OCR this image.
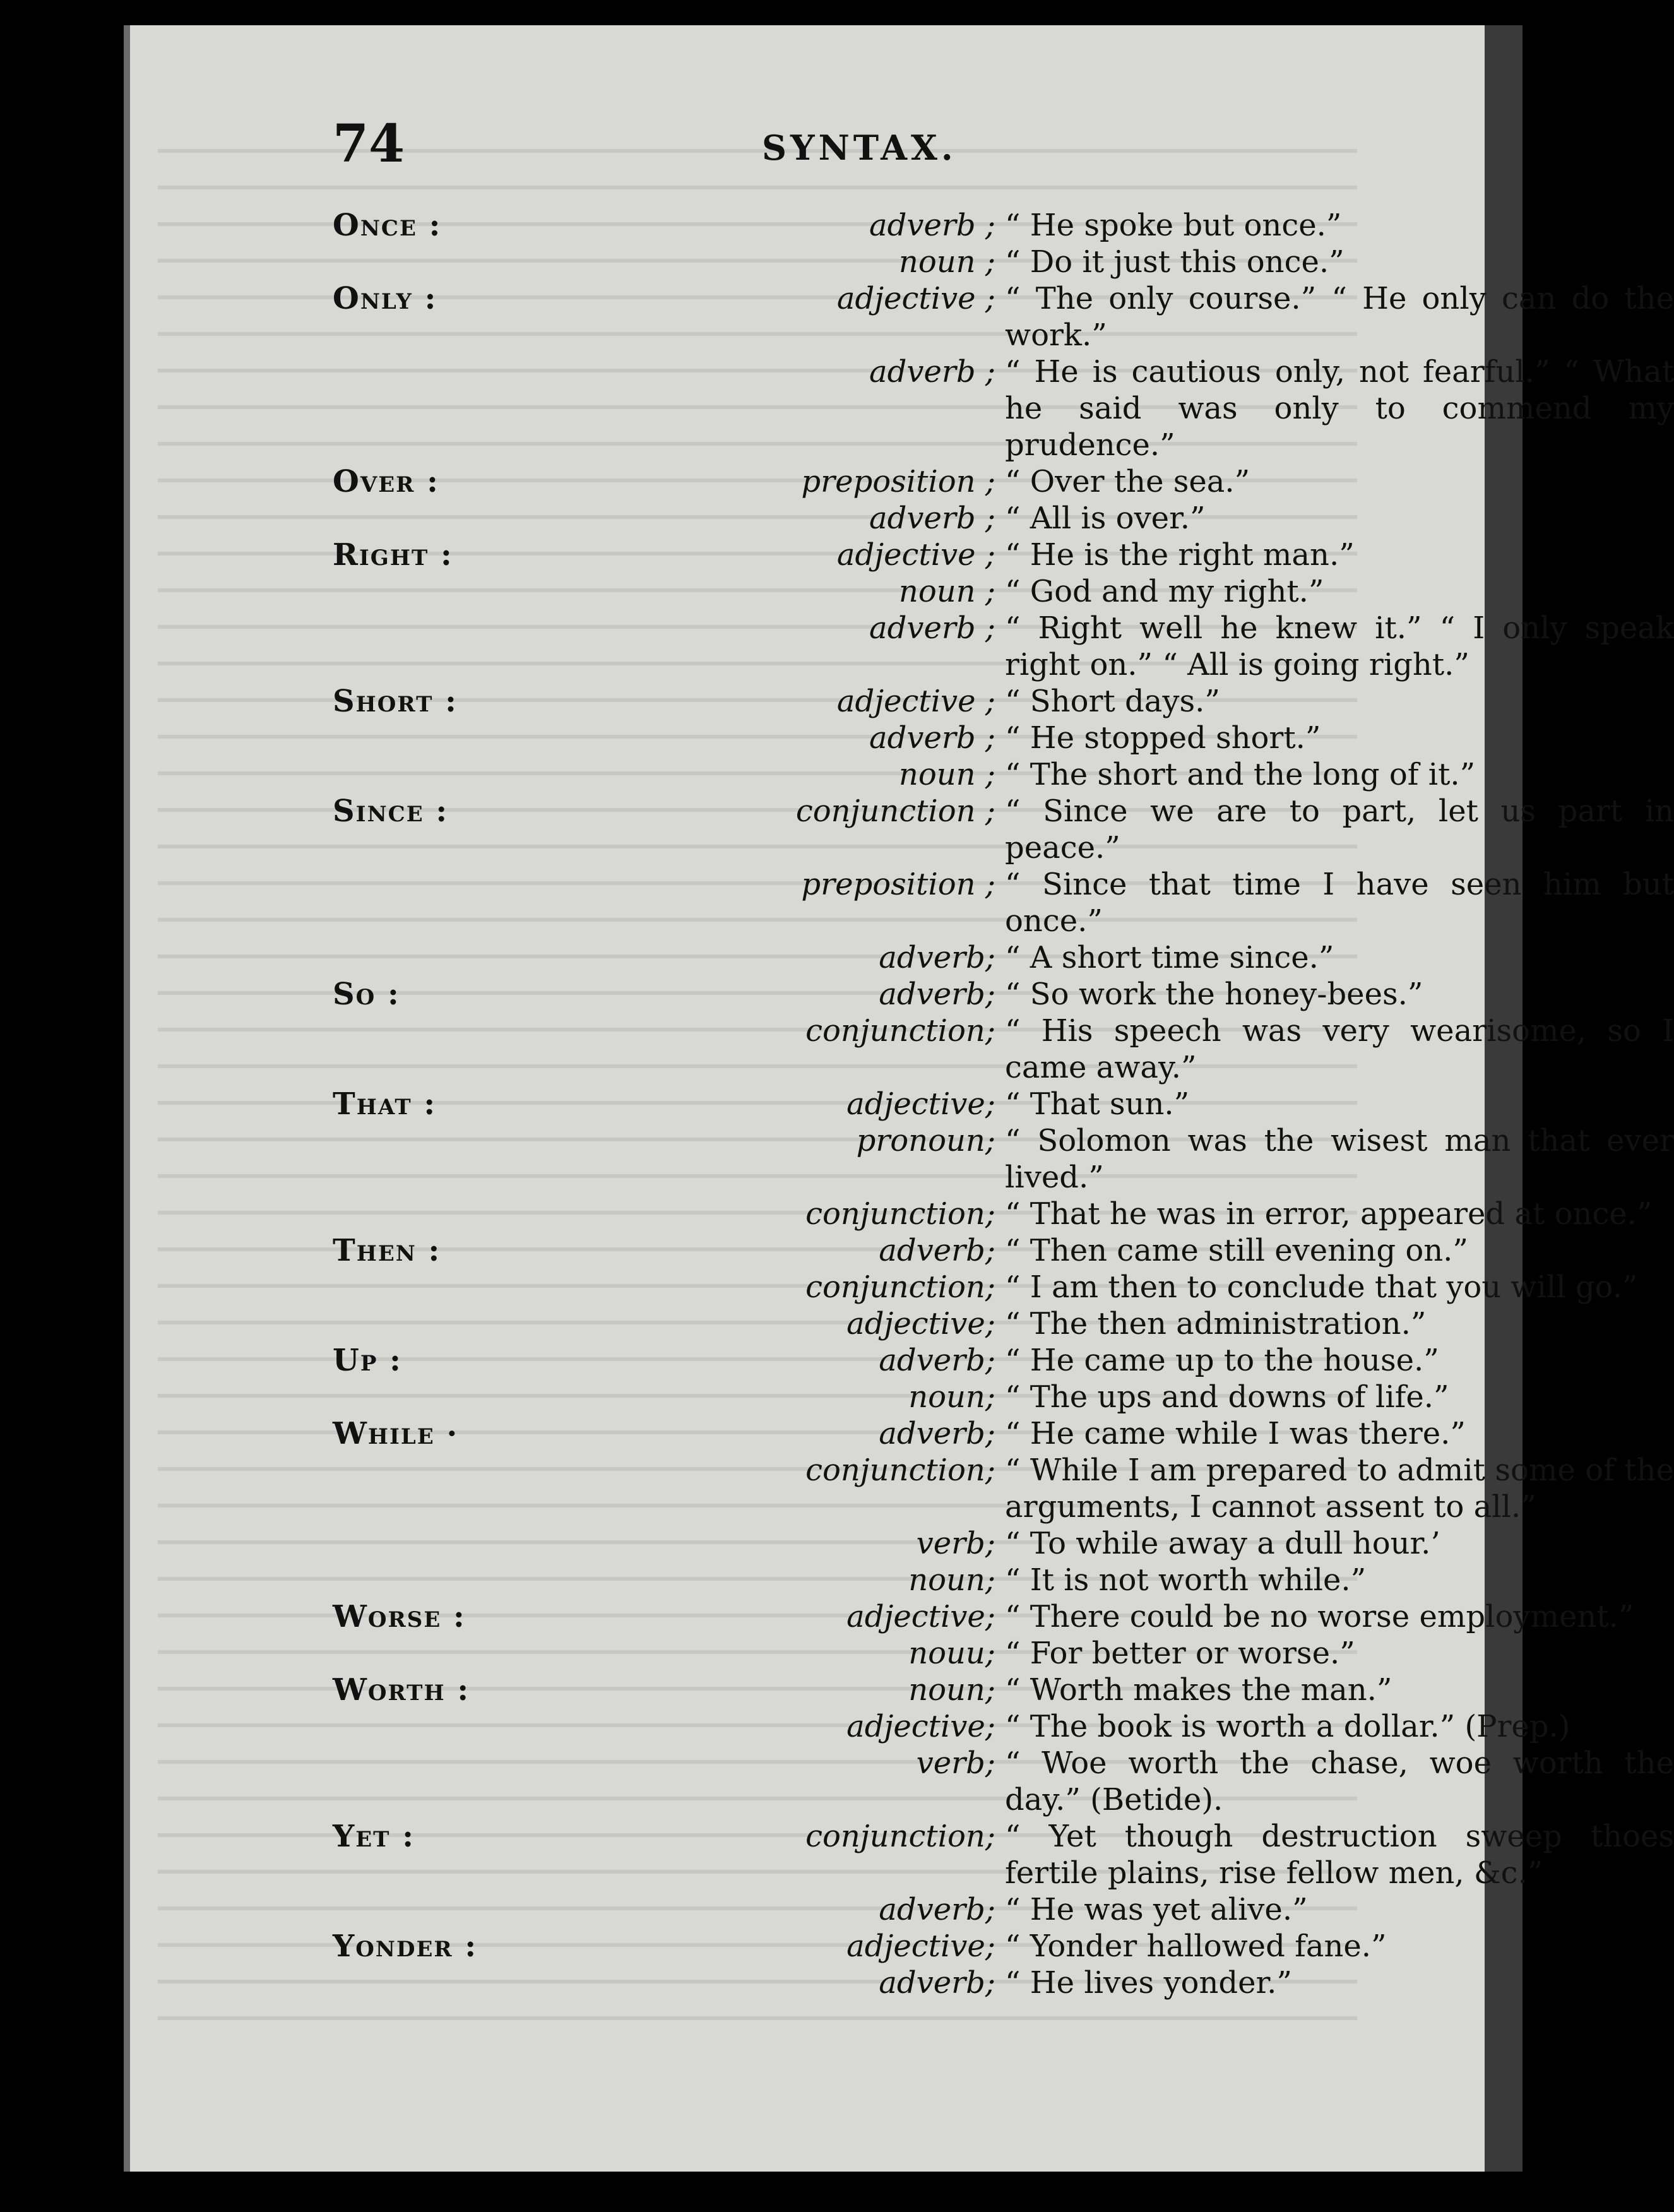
74	SYNTAX.
Once :	adverb ; “ He spoke but once.”
noun ; “ Do it just this once.”
Only :	adjective ; “ The only course.” “ He only can do the work.”
adverb ; “ He is cautious only, not fearful.” “ What he said was only to commend my prudence.”
Over :	preposition ; “ Over the sea.”
adverb ; “ All is over.”
Right :	adjective ; “ He is the right man.”
noun ; “ God and my right.”
adverb ; “ Right well he knew it.” “ I only speak right on.” “ All is going right.”
Short :	adjective ; “ Short days.”
adverb ; “ He stopped short.”
noun ; “ The short and the long of it.”
Since :	conjunction ; “ Since we are to part, let us part in peace.”
preposition ; “ Since that time I have seen him but once.”
adverb; “ A short time since.”
So :	adverb; “ So work the honey-bees.”
conjunction; “ His speech was very wearisome, so I came away.”
That :	adjective; “ That sun.”
pronoun; “ Solomon was the wisest man that ever lived.”
conjunction; “ That he was in error, appeared at once.”
Then :	adverb; “ Then came still evening on.”
conjunction; “ I am then to conclude that you will go.”
adjective; “ The then administration.”
Up :	adverb; “ He came up to the house.”
noun; “ The ups and downs of life.”
While ·	adverb; “ He came while I was there.”
conjunction; “ While I am prepared to admit some of the arguments, I cannot assent to all.”
verb; “ To while away a dull hour.’
noun; “ It is not worth while.”
Worse :	adjective; “ There could be no worse employment.”
nouu; “ For better or worse.”
Worth :	noun; “ Worth makes the man.”
adjective; “ The book is worth a dollar.” (Prep.)
verb; “ Woe worth the chase, woe worth the day.” (Betide).
Yet :	conjunction; “ Yet though destruction sweep thoes fertile plains, rise fellow men, &c.”
adverb; “ He was yet alive.”
Yonder :	adjective; “ Yonder hallowed fane.”
adverb; “ He lives yonder.”
